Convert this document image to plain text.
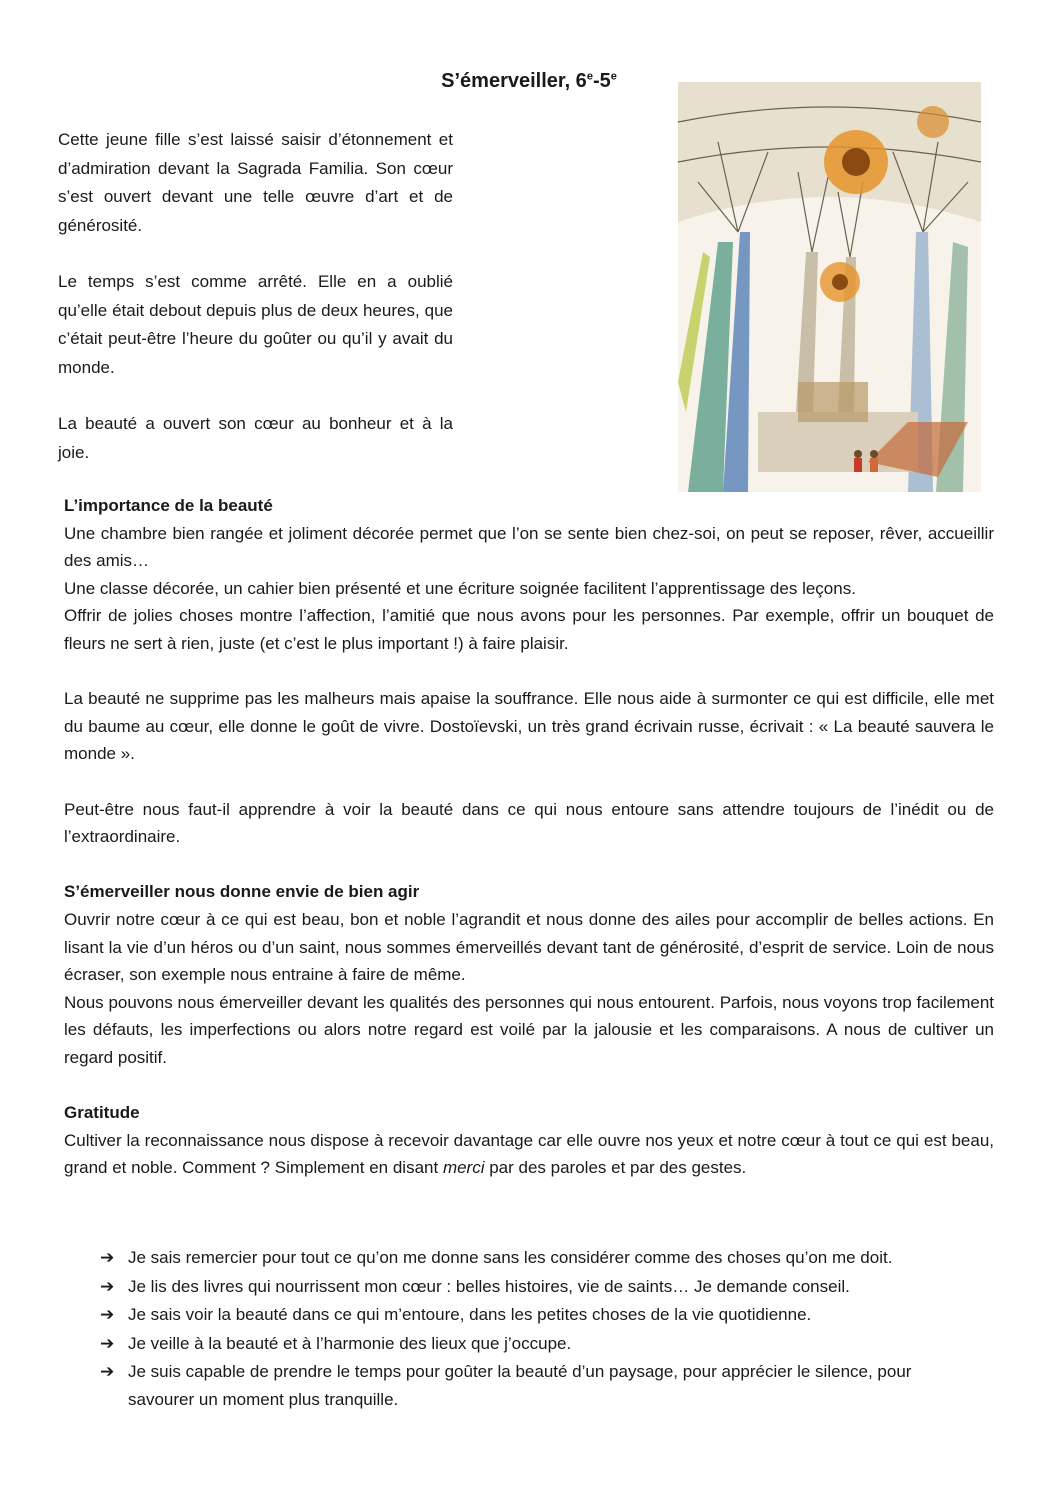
S’émerveiller, 6e-5e

Cette jeune fille s’est laissé saisir d’étonnement et d’admiration devant la Sagrada Familia. Son cœur s’est ouvert devant une telle œuvre d’art et de générosité.

Le temps s’est comme arrêté. Elle en a oublié qu’elle était debout depuis plus de deux heures, que c’était peut-être l’heure du goûter ou qu’il y avait du monde.

La beauté a ouvert son cœur au bonheur et à la joie.

L’importance de la beauté

Une chambre bien rangée et joliment décorée permet que l’on se sente bien chez-soi, on peut se reposer, rêver, accueillir des amis…

Une classe décorée, un cahier bien présenté et une écriture soignée facilitent l’apprentissage des leçons.

Offrir de jolies choses montre l’affection, l’amitié que nous avons pour les personnes. Par exemple, offrir un bouquet de fleurs ne sert à rien, juste (et c’est le plus important !) à faire plaisir.

La beauté ne supprime pas les malheurs mais apaise la souffrance. Elle nous aide à surmonter ce qui est difficile, elle met du baume au cœur, elle donne le goût de vivre. Dostoïevski, un très grand écrivain russe, écrivait : « La beauté sauvera le monde ».

Peut-être nous faut-il apprendre à voir la beauté dans ce qui nous entoure sans attendre toujours de l’inédit ou de l’extraordinaire.

S’émerveiller nous donne envie de bien agir

Ouvrir notre cœur à ce qui est beau, bon et noble l’agrandit et nous donne des ailes pour accomplir de belles actions. En lisant la vie d’un héros ou d’un saint, nous sommes émerveillés devant tant de générosité, d’esprit de service. Loin de nous écraser, son exemple nous entraine à faire de même.

Nous pouvons nous émerveiller devant les qualités des personnes qui nous entourent. Parfois, nous voyons trop facilement les défauts, les imperfections ou alors notre regard est voilé par la jalousie et les comparaisons. A nous de cultiver un regard positif.

Gratitude

Cultiver la reconnaissance nous dispose à recevoir davantage car elle ouvre nos yeux et notre cœur à tout ce qui est beau, grand et noble. Comment ? Simplement en disant merci par des paroles et par des gestes.

➔ Je sais remercier pour tout ce qu’on me donne sans les considérer comme des choses qu’on me doit.
➔ Je lis des livres qui nourrissent mon cœur : belles histoires, vie de saints… Je demande conseil.
➔ Je sais voir la beauté dans ce qui m’entoure, dans les petites choses de la vie quotidienne.
➔ Je veille à la beauté et à l’harmonie des lieux que j’occupe.
➔ Je suis capable de prendre le temps pour goûter la beauté d’un paysage, pour apprécier le silence, pour savourer un moment plus tranquille.
